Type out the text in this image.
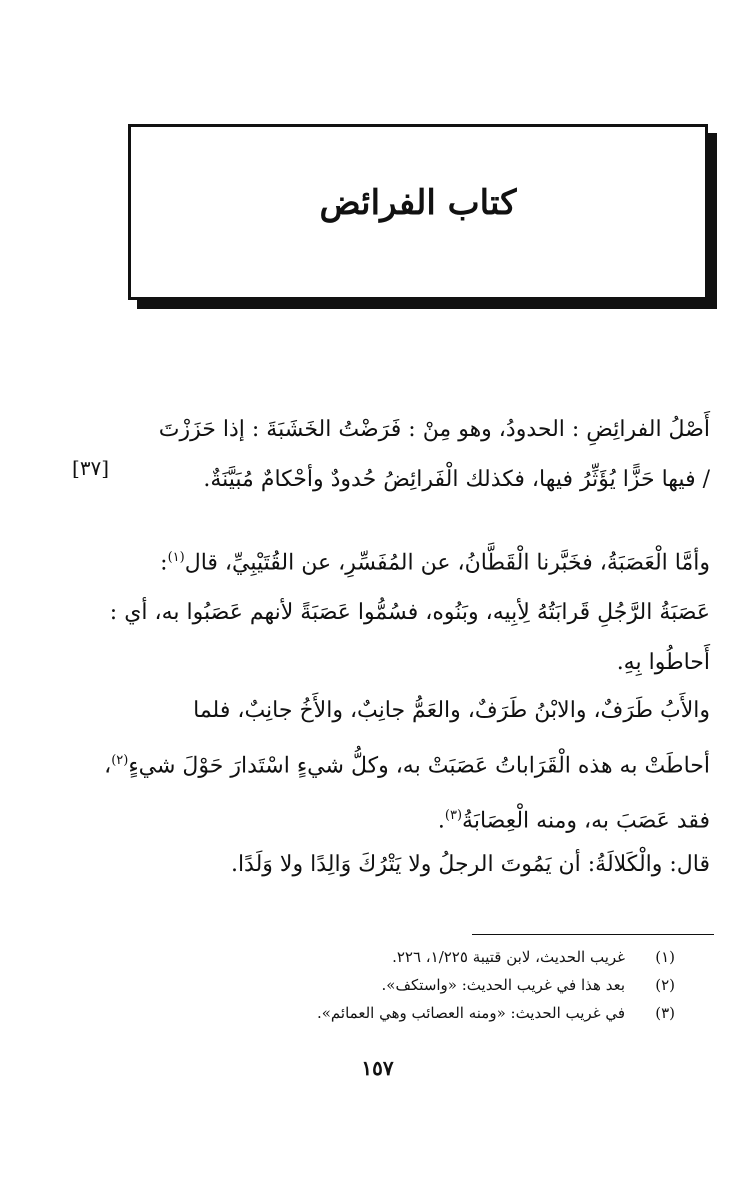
كتاب الفرائض
[٣٧]
أَصْلُ الفرائِضِ : الحدودُ، وهو مِنْ : فَرَضْتُ الخَشَبَةَ : إذا حَزَزْتَ
/ فيها حَزًّا يُؤَثِّرُ فيها، فكذلك الْفَرائِضُ حُدودٌ وأحْكامٌ مُبَيَّنَةٌ.
وأمَّا الْعَصَبَةُ، فخَبَّرنا الْقَطَّانُ، عن المُفَسِّرِ، عن القُتَيْبِيِّ، قال$^{(١)}$:
عَصَبَةُ الرَّجُلِ قَرابَتُهُ لِأبِيه، وبَنُوه، فسُمُّوا عَصَبَةً لأنهم عَصَبُوا به، أي :
أَحاطُوا بِهِ.
والأَبُ طَرَفٌ، والابْنُ طَرَفٌ، والعَمُّ جانِبٌ، والأَخُ جانِبٌ، فلما
أحاطَتْ به هذه الْقَرَاباتُ عَصَبَتْ به، وكلُّ شيءٍ اسْتَدارَ حَوْلَ شيءٍ$^{(٢)}$،
فقد عَصَبَ به، ومنه الْعِصَابَةُ$^{(٣)}$.
قال: والْكَلالَةُ: أن يَمُوتَ الرجلُ ولا يَتْرُكَ وَالِدًا ولا وَلَدًا.
(١)غريب الحديث، لابن قتيبة ١/٢٢٥، ٢٢٦.
(٢)بعد هذا في غريب الحديث: «واستكف».
(٣)في غريب الحديث: «ومنه العصائب وهي العمائم».
١٥٧
